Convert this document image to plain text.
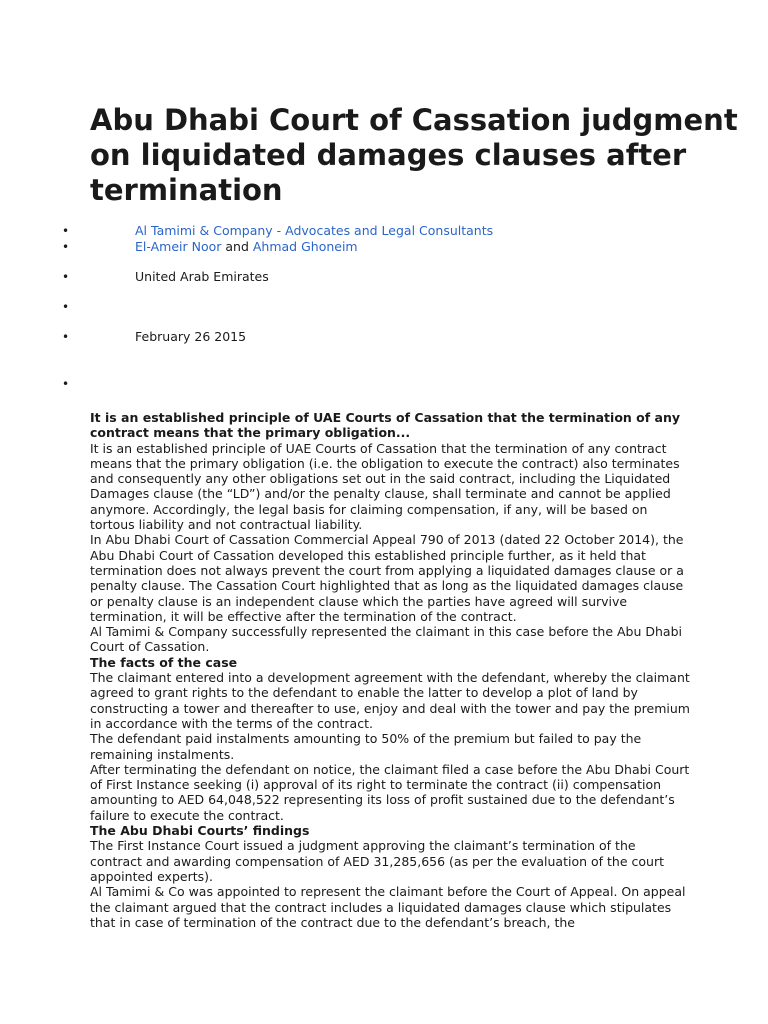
Abu Dhabi Court of Cassation judgment on liquidated damages clauses after termination
•	Al Tamimi & Company - Advocates and Legal Consultants
•	El-Ameir Noor and Ahmad Ghoneim
•	United Arab Emirates
•
•	February 26 2015
•

It is an established principle of UAE Courts of Cassation that the termination of any contract means that the primary obligation...

It is an established principle of UAE Courts of Cassation that the termination of any contract means that the primary obligation (i.e. the obligation to execute the contract) also terminates and consequently any other obligations set out in the said contract, including the Liquidated Damages clause (the “LD”) and/or the penalty clause, shall terminate and cannot be applied anymore. Accordingly, the legal basis for claiming compensation, if any, will be based on tortous liability and not contractual liability.

In Abu Dhabi Court of Cassation Commercial Appeal 790 of 2013 (dated 22 October 2014), the Abu Dhabi Court of Cassation developed this established principle further, as it held that termination does not always prevent the court from applying a liquidated damages clause or a penalty clause. The Cassation Court highlighted that as long as the liquidated damages clause or penalty clause is an independent clause which the parties have agreed will survive termination, it will be effective after the termination of the contract.

Al Tamimi & Company successfully represented the claimant in this case before the Abu Dhabi Court of Cassation.

The facts of the case

The claimant entered into a development agreement with the defendant, whereby the claimant agreed to grant rights to the defendant to enable the latter to develop a plot of land by constructing a tower and thereafter to use, enjoy and deal with the tower and pay the premium in accordance with the terms of the contract.

The defendant paid instalments amounting to 50% of the premium but failed to pay the remaining instalments.

After terminating the defendant on notice, the claimant filed a case before the Abu Dhabi Court of First Instance seeking (i) approval of its right to terminate the contract (ii) compensation amounting to AED 64,048,522 representing its loss of profit sustained due to the defendant’s failure to execute the contract.

The Abu Dhabi Courts’ findings

The First Instance Court issued a judgment approving the claimant’s termination of the contract and awarding compensation of AED 31,285,656 (as per the evaluation of the court appointed experts).

Al Tamimi & Co was appointed to represent the claimant before the Court of Appeal. On appeal the claimant argued that the contract includes a liquidated damages clause which stipulates that in case of termination of the contract due to the defendant’s breach, the
